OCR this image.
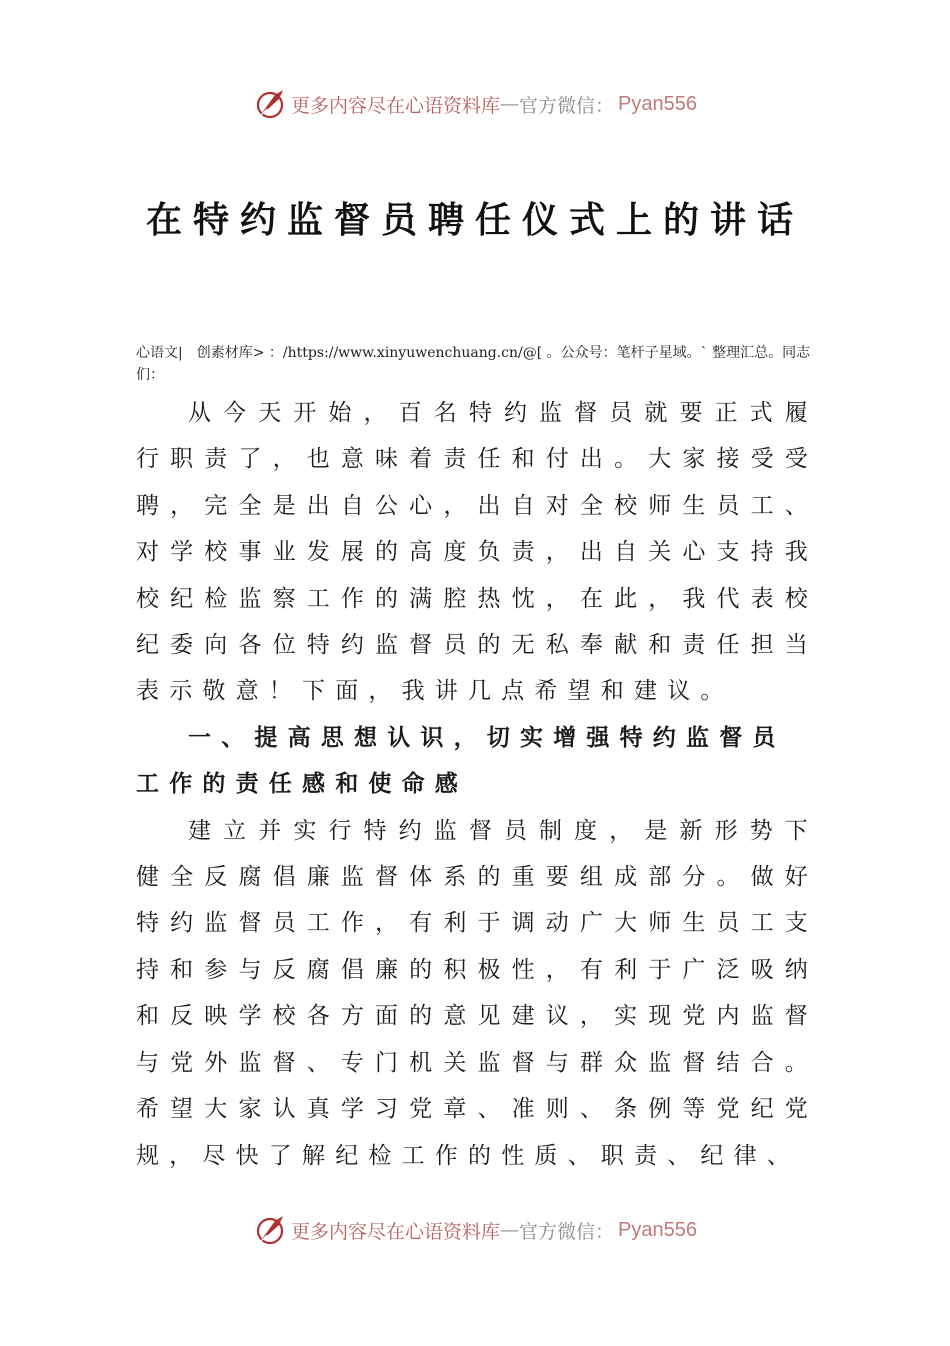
更多内容尽在心语资料库 — 官方微信： Pyan556
在特约监督员聘任仪式上的讲话
心语文|　创素材库> ：/https://www.xinyuwenchuang.cn/@[ 。公众号：笔杆子星域。` 整理汇总。同志们：

从今天开始，百名特约监督员就要正式履行职责了，也意味着责任和付出。大家接受受聘，完全是出自公心，出自对全校师生员工、对学校事业发展的高度负责，出自关心支持我校纪检监察工作的满腔热忱，在此，我代表校纪委向各位特约监督员的无私奉献和责任担当表示敬意！下面，我讲几点希望和建议。

一、提高思想认识，切实增强特约监督员工作的责任感和使命感

建立并实行特约监督员制度，是新形势下健全反腐倡廉监督体系的重要组成部分。做好特约监督员工作，有利于调动广大师生员工支持和参与反腐倡廉的积极性，有利于广泛吸纳和反映学校各方面的意见建议，实现党内监督与党外监督、专门机关监督与群众监督结合。希望大家认真学习党章、准则、条例等党纪党规，尽快了解纪检工作的性质、职责、纪律、

更多内容尽在心语资料库 — 官方微信： Pyan556
